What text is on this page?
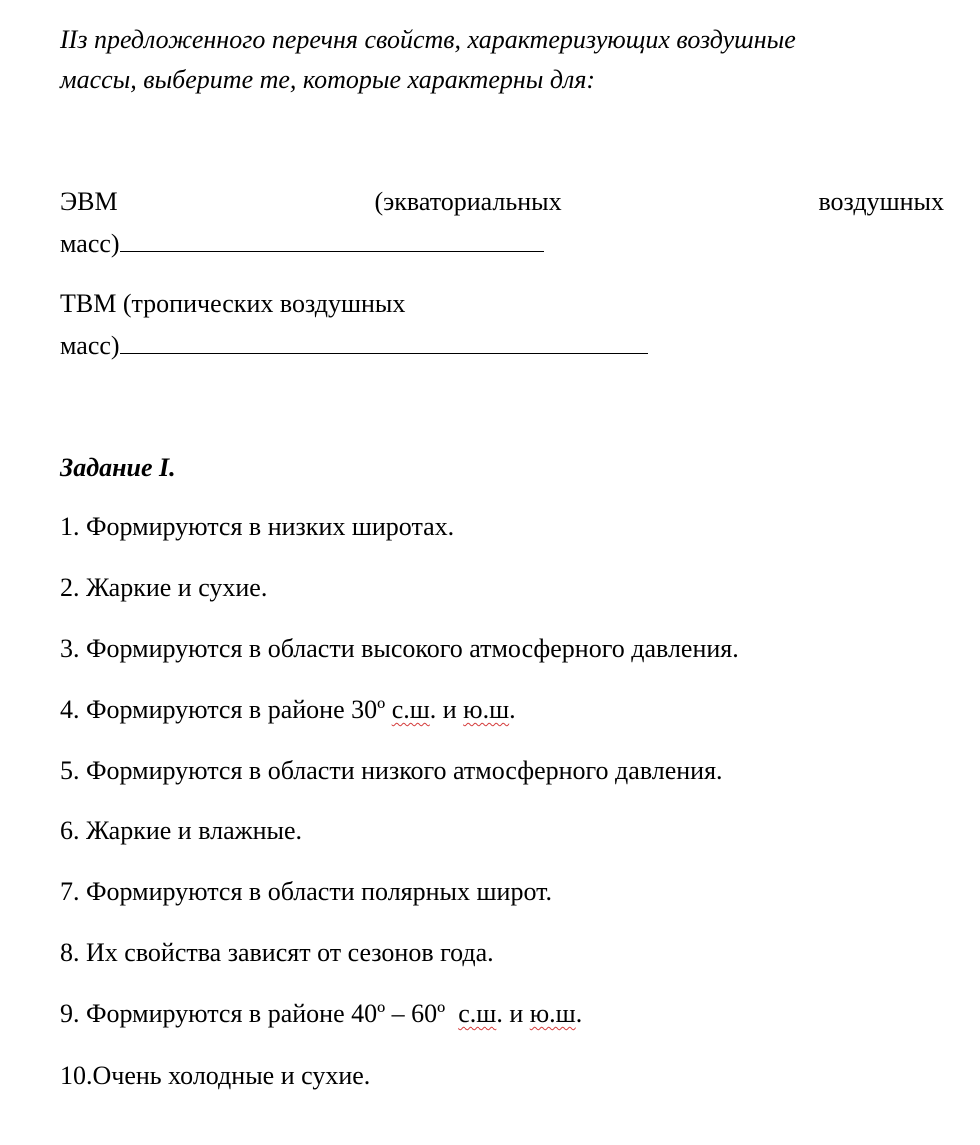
IIз предложенного перечня свойств, характеризующих воздушные
массы, выберите те, которые характерны для:
ЭВМ	(экваториальных	воздушных
масс)
ТВМ (тропических воздушных
масс)
Задание I.
1. Формируются в низких широтах.
2. Жаркие и сухие.
3. Формируются в области высокого атмосферного давления.
4. Формируются в районе 30º с.ш. и ю.ш.
5. Формируются в области низкого атмосферного давления.
6. Жаркие и влажные.
7. Формируются в области полярных широт.
8. Их свойства зависят от сезонов года.
9. Формируются в районе 40º – 60º  с.ш. и ю.ш.
10.Очень холодные и сухие.
